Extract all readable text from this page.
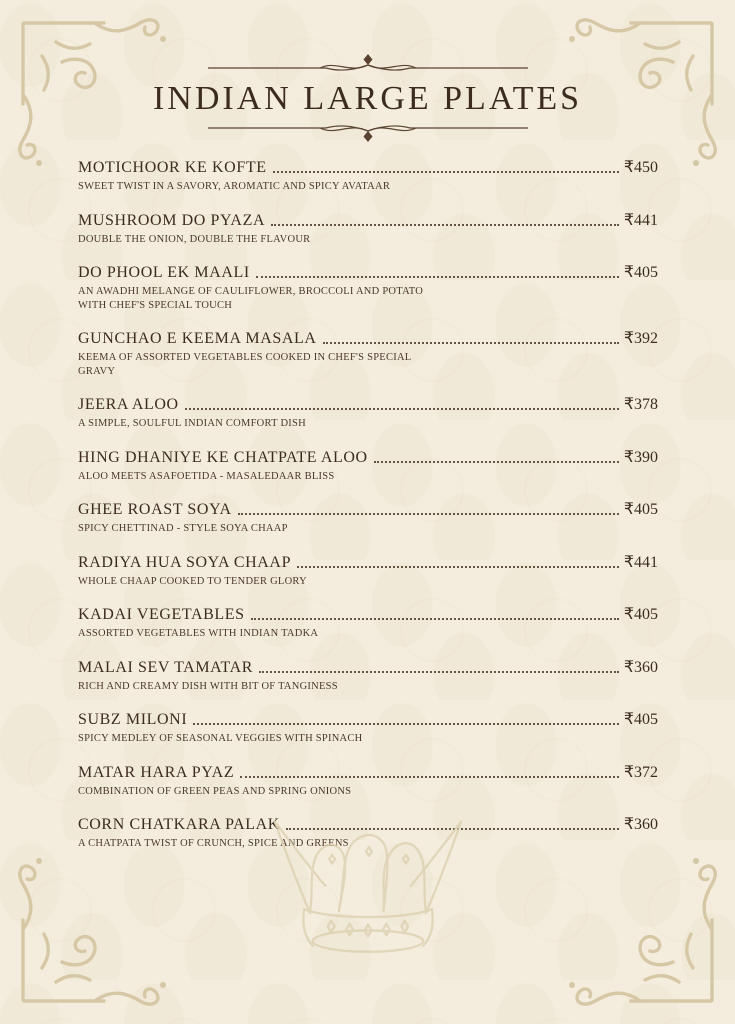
INDIAN LARGE PLATES
MOTICHOOR KE KOFTE	₹450
SWEET TWIST IN A SAVORY, AROMATIC AND SPICY AVATAAR
MUSHROOM DO PYAZA	₹441
DOUBLE THE ONION, DOUBLE THE FLAVOUR
DO PHOOL EK MAALI	₹405
AN AWADHI MELANGE OF CAULIFLOWER, BROCCOLI AND POTATO WITH CHEF'S SPECIAL TOUCH
GUNCHAO E KEEMA MASALA	₹392
KEEMA OF ASSORTED VEGETABLES COOKED IN CHEF'S SPECIAL GRAVY
JEERA ALOO	₹378
A SIMPLE, SOULFUL INDIAN COMFORT DISH
HING DHANIYE KE CHATPATE ALOO	₹390
ALOO MEETS ASAFOETIDA - MASALEDAAR BLISS
GHEE ROAST SOYA	₹405
SPICY CHETTINAD - STYLE SOYA CHAAP
RADIYA HUA SOYA CHAAP	₹441
WHOLE CHAAP COOKED TO TENDER GLORY
KADAI VEGETABLES	₹405
ASSORTED VEGETABLES WITH INDIAN TADKA
MALAI SEV TAMATAR	₹360
RICH AND CREAMY DISH WITH BIT OF TANGINESS
SUBZ MILONI	₹405
SPICY MEDLEY OF SEASONAL VEGGIES WITH SPINACH
MATAR HARA PYAZ	₹372
COMBINATION OF GREEN PEAS AND SPRING ONIONS
CORN CHATKARA PALAK	₹360
A CHATPATA TWIST OF CRUNCH, SPICE AND GREENS
